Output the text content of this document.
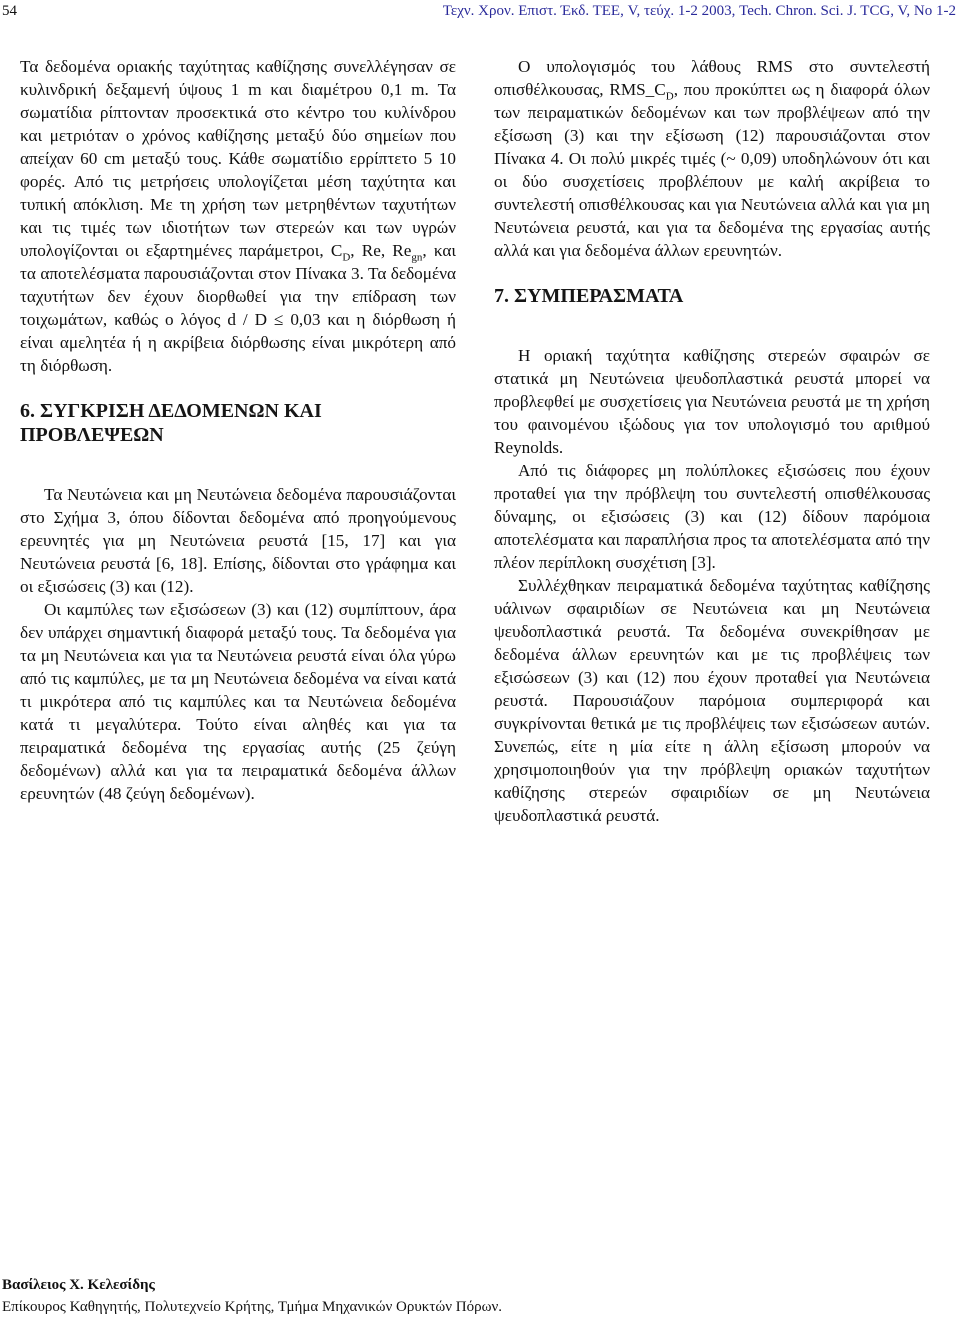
54	Τεχν. Χρον. Επιστ. Έκδ. ΤΕΕ, V, τεύχ. 1-2 2003, Tech. Chron. Sci. J. TCG, V, No 1-2

Τα δεδομένα οριακής ταχύτητας καθίζησης συνελλέγησαν σε κυλινδρική δεξαμενή ύψους 1 m και διαμέτρου 0,1 m. Τα σωματίδια ρίπτονταν προσεκτικά στο κέντρο του κυλίνδρου και μετριόταν ο χρόνος καθίζησης μεταξύ δύο σημείων που απείχαν 60 cm μεταξύ τους. Κάθε σωματίδιο ερρίπτετο 5 10 φορές. Από τις μετρήσεις υπολογίζεται μέση ταχύτητα και τυπική απόκλιση. Με τη χρήση των μετρηθέντων ταχυτήτων και τις τιμές των ιδιοτήτων των στερεών και των υγρών υπολογίζονται οι εξαρτημένες παράμετροι, $C_D$, Re, $Re_{gn}$, και τα αποτελέσματα παρουσιάζονται στον Πίνακα 3. Τα δεδομένα ταχυτήτων δεν έχουν διορθωθεί για την επίδραση των τοιχωμάτων, καθώς ο λόγος d / D ≤ 0,03 και η διόρθωση ή είναι αμελητέα ή η ακρίβεια διόρθωσης είναι μικρότερη από τη διόρθωση.

6. ΣΥΓΚΡΙΣΗ ΔΕΔΟΜΕΝΩΝ ΚΑΙ ΠΡΟΒΛΕΨΕΩΝ

Τα Νευτώνεια και μη Νευτώνεια δεδομένα παρουσιάζονται στο Σχήμα 3, όπου δίδονται δεδομένα από προηγούμενους ερευνητές για μη Νευτώνεια ρευστά [15, 17] και για Νευτώνεια ρευστά [6, 18]. Επίσης, δίδονται στο γράφημα και οι εξισώσεις (3) και (12).

Οι καμπύλες των εξισώσεων (3) και (12) συμπίπτουν, άρα δεν υπάρχει σημαντική διαφορά μεταξύ τους. Τα δεδομένα για τα μη Νευτώνεια και για τα Νευτώνεια ρευστά είναι όλα γύρω από τις καμπύλες, με τα μη Νευτώνεια δεδομένα να είναι κατά τι μικρότερα από τις καμπύλες και τα Νευτώνεια δεδομένα κατά τι μεγαλύτερα. Τούτο είναι αληθές και για τα πειραματικά δεδομένα της εργασίας αυτής (25 ζεύγη δεδομένων) αλλά και για τα πειραματικά δεδομένα άλλων ερευνητών (48 ζεύγη δεδομένων).

Ο υπολογισμός του λάθους RMS στο συντελεστή οπισθέλκουσας, $RMS\_C_D$, που προκύπτει ως η διαφορά όλων των πειραματικών δεδομένων και των προβλέψεων από την εξίσωση (3) και την εξίσωση (12) παρουσιάζονται στον Πίνακα 4. Οι πολύ μικρές τιμές (~ 0,09) υποδηλώνουν ότι και οι δύο συσχετίσεις προβλέπουν με καλή ακρίβεια το συντελεστή οπισθέλκουσας και για Νευτώνεια αλλά και για μη Νευτώνεια ρευστά, και για τα δεδομένα της εργασίας αυτής αλλά και για δεδομένα άλλων ερευνητών.

7. ΣΥΜΠΕΡΑΣΜΑΤΑ

Η οριακή ταχύτητα καθίζησης στερεών σφαιρών σε στατικά μη Νευτώνεια ψευδοπλαστικά ρευστά μπορεί να προβλεφθεί με συσχετίσεις για Νευτώνεια ρευστά με τη χρήση του φαινομένου ιξώδους για τον υπολογισμό του αριθμού Reynolds.

Από τις διάφορες μη πολύπλοκες εξισώσεις που έχουν προταθεί για την πρόβλεψη του συντελεστή οπισθέλκουσας δύναμης, οι εξισώσεις (3) και (12) δίδουν παρόμοια αποτελέσματα και παραπλήσια προς τα αποτελέσματα από την πλέον περίπλοκη συσχέτιση [3].

Συλλέχθηκαν πειραματικά δεδομένα ταχύτητας καθίζησης υάλινων σφαιριδίων σε Νευτώνεια και μη Νευτώνεια ψευδοπλαστικά ρευστά. Τα δεδομένα συνεκρίθησαν με δεδομένα άλλων ερευνητών και με τις προβλέψεις των εξισώσεων (3) και (12) που έχουν προταθεί για Νευτώνεια ρευστά. Παρουσιάζουν παρόμοια συμπεριφορά και συγκρίνονται θετικά με τις προβλέψεις των εξισώσεων αυτών. Συνεπώς, είτε η μία είτε η άλλη εξίσωση μπορούν να χρησιμοποιηθούν για την πρόβλεψη οριακών ταχυτήτων καθίζησης στερεών σφαιριδίων σε μη Νευτώνεια ψευδοπλαστικά ρευστά.

Βασίλειος Χ. Κελεσίδης
Επίκουρος Καθηγητής, Πολυτεχνείο Κρήτης, Τμήμα Μηχανικών Ορυκτών Πόρων.
